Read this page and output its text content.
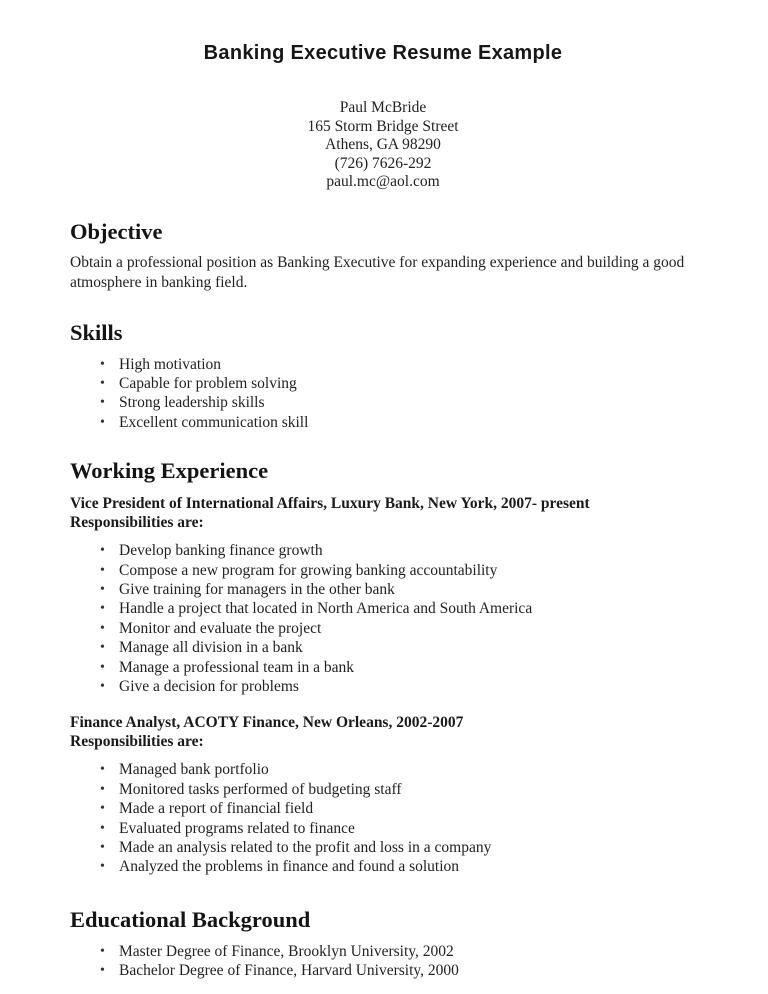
Banking Executive Resume Example
Paul McBride
165 Storm Bridge Street
Athens, GA 98290
(726) 7626-292
paul.mc@aol.com
Objective

Obtain a professional position as Banking Executive for expanding experience and building a good atmosphere in banking field.

Skills
• High motivation
• Capable for problem solving
• Strong leadership skills
• Excellent communication skill
Working Experience

Vice President of International Affairs, Luxury Bank, New York, 2007- present

Responsibilities are:

• Develop banking finance growth
• Compose a new program for growing banking accountability
• Give training for managers in the other bank
• Handle a project that located in North America and South America
• Monitor and evaluate the project
• Manage all division in a bank
• Manage a professional team in a bank
• Give a decision for problems

Finance Analyst, ACOTY Finance, New Orleans, 2002-2007

Responsibilities are:

• Managed bank portfolio
• Monitored tasks performed of budgeting staff
• Made a report of financial field
• Evaluated programs related to finance
• Made an analysis related to the profit and loss in a company
• Analyzed the problems in finance and found a solution
Educational Background
• Master Degree of Finance, Brooklyn University, 2002
• Bachelor Degree of Finance, Harvard University, 2000
